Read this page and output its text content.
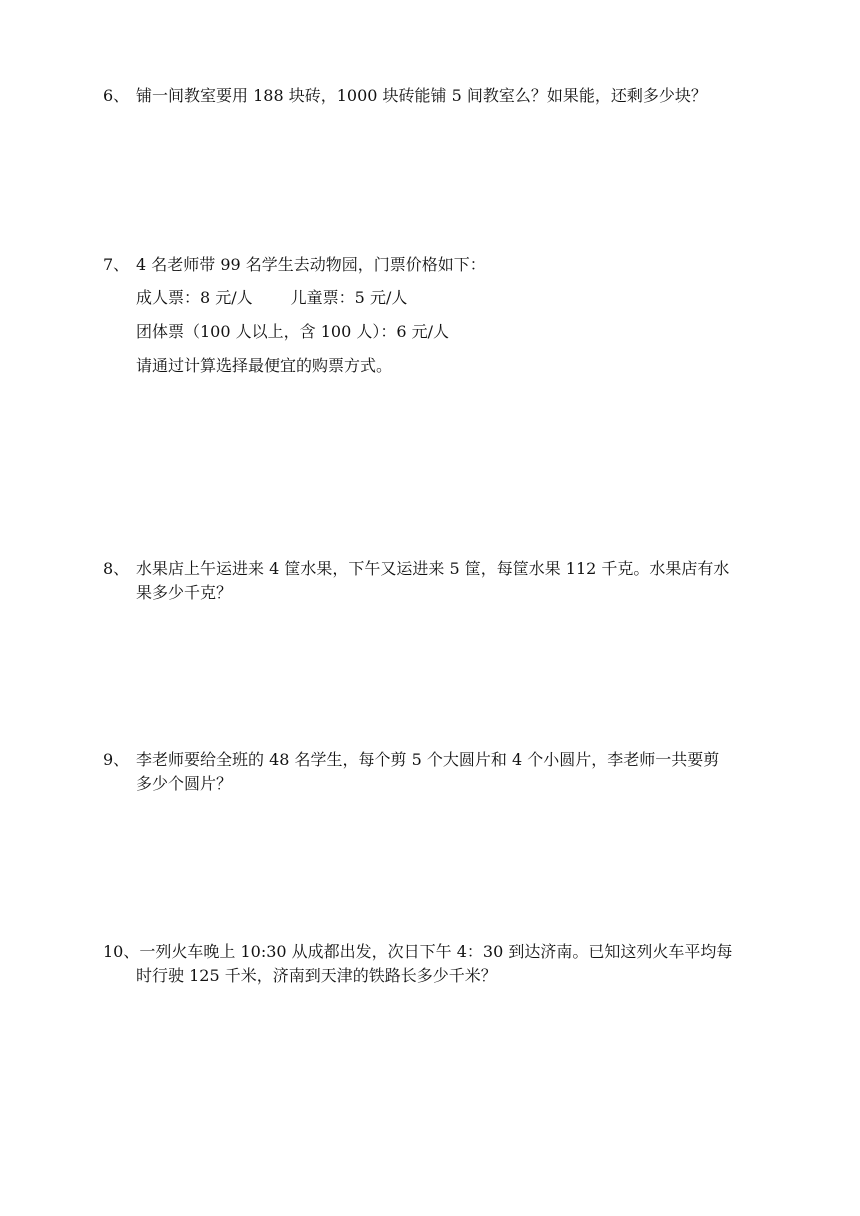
6、 铺一间教室要用 188 块砖，1000 块砖能铺 5 间教室么？如果能，还剩多少块？
7、 4 名老师带 99 名学生去动物园，门票价格如下：
成人票：8 元/人 儿童票：5 元/人
团体票（100 人以上，含 100 人）：6 元/人
请通过计算选择最便宜的购票方式。
8、 水果店上午运进来 4 筐水果，下午又运进来 5 筐，每筐水果 112 千克。水果店有水
果多少千克？
9、 李老师要给全班的 48 名学生，每个剪 5 个大圆片和 4 个小圆片，李老师一共要剪
多少个圆片？
10、一列火车晚上 10:30 从成都出发，次日下午 4：30 到达济南。已知这列火车平均每
时行驶 125 千米，济南到天津的铁路长多少千米？
